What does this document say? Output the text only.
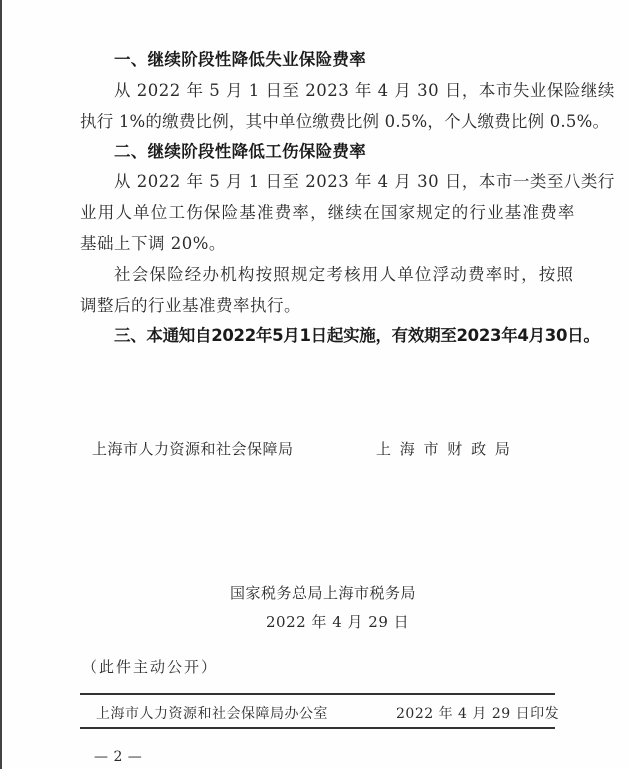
一、继续阶段性降低失业保险费率
从 2022 年 5 月 1 日至 2023 年 4 月 30 日，本市失业保险继续
执行 1%的缴费比例，其中单位缴费比例 0.5%，个人缴费比例 0.5%。
二、继续阶段性降低工伤保险费率
从 2022 年 5 月 1 日至 2023 年 4 月 30 日，本市一类至八类行
业用人单位工伤保险基准费率，继续在国家规定的行业基准费率
基础上下调 20%。
社会保险经办机构按照规定考核用人单位浮动费率时，按照
调整后的行业基准费率执行。
三、本通知自2022年5月1日起实施，有效期至2023年4月30日。
上海市人力资源和社会保障局	上 海 市 财 政 局
国家税务总局上海市税务局
2022 年 4 月 29 日
（此件主动公开）
上海市人力资源和社会保障局办公室	2022 年 4 月 29 日印发
— 2 —
